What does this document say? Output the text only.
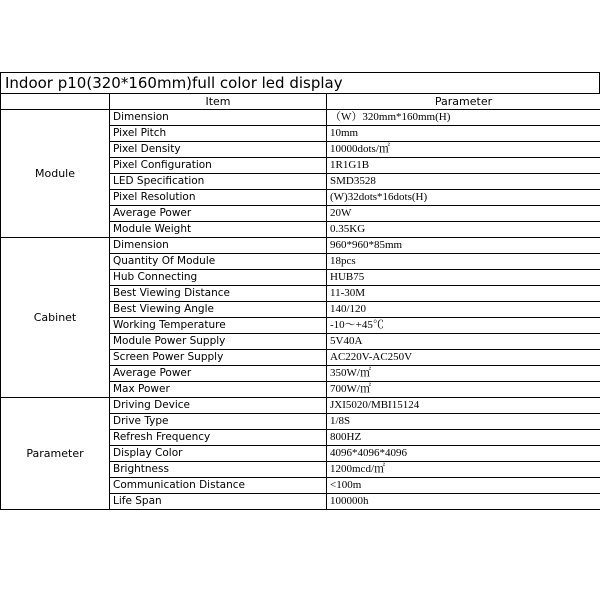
Indoor p10(320*160mm)full color led display
	Item	Parameter
Module	Dimension	（W）320mm*160mm(H)
	Pixel Pitch	10mm
	Pixel Density	10000dots/㎡
	Pixel Configuration	1R1G1B
	LED Specification	SMD3528
	Pixel Resolution	(W)32dots*16dots(H)
	Average Power	20W
	Module Weight	0.35KG
Cabinet	Dimension	960*960*85mm
	Quantity Of Module	18pcs
	Hub Connecting	HUB75
	Best Viewing Distance	11-30M
	Best Viewing Angle	140/120
	Working Temperature	-10～+45℃
	Module Power Supply	5V40A
	Screen Power Supply	AC220V-AC250V
	Average Power	350W/㎡
	Max Power	700W/㎡
Parameter	Driving Device	JXI5020/MBI15124
	Drive Type	1/8S
	Refresh Frequency	800HZ
	Display Color	4096*4096*4096
	Brightness	1200mcd/㎡
	Communication Distance	<100m
	Life Span	100000h
